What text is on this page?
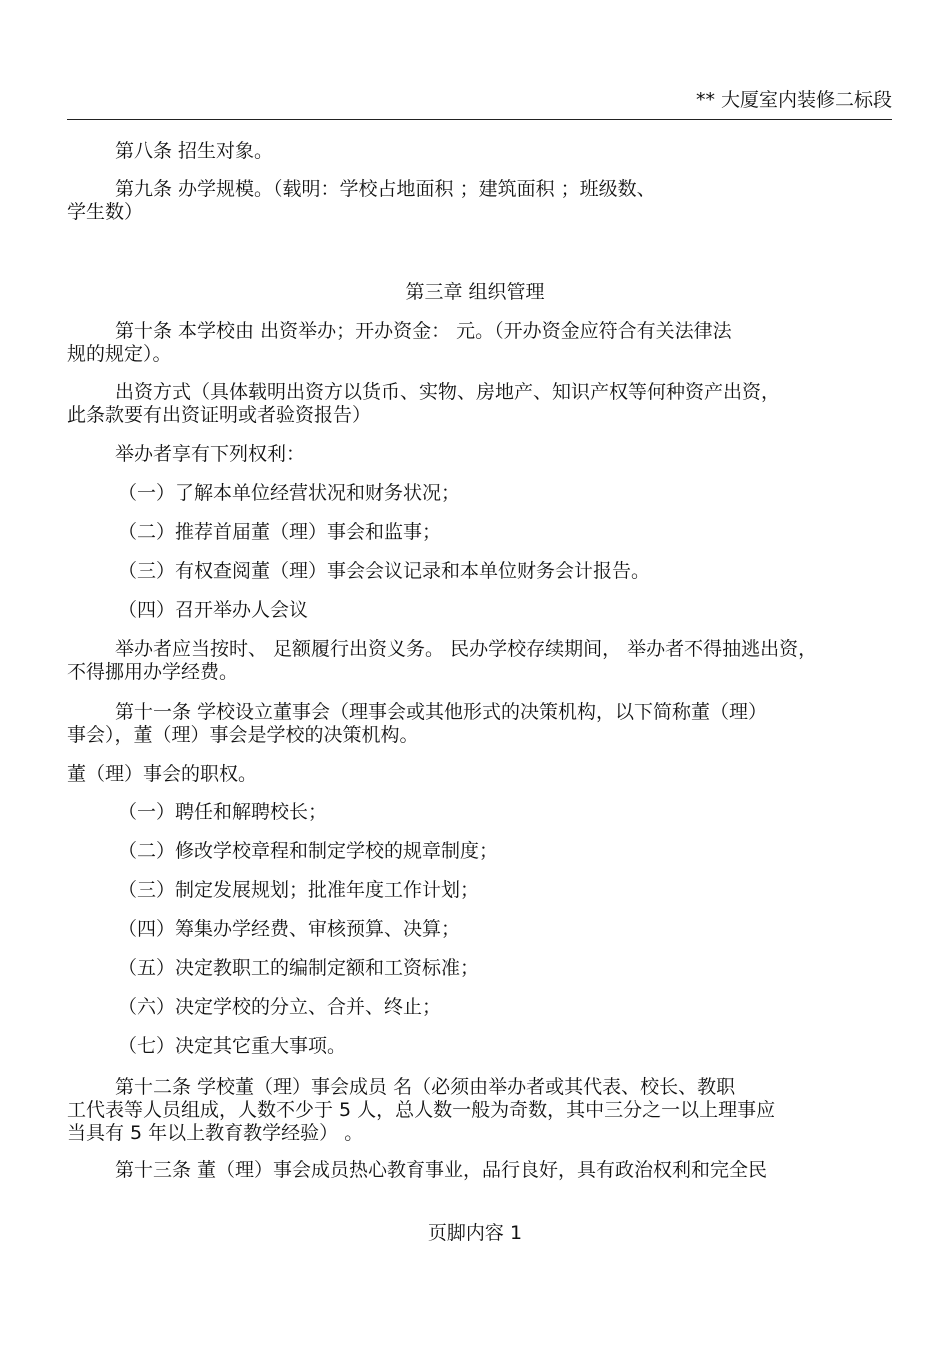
** 大厦室内装修二标段
第八条 招生对象。
第九条 办学规模。（载明：学校占地面积 ；建筑面积 ；班级数、
学生数）
第三章 组织管理
第十条 本学校由 出资举办；开办资金： 元。（开办资金应符合有关法律法
规的规定）。
出资方式（具体载明出资方以货币、实物、房地产、知识产权等何种资产出资，
此条款要有出资证明或者验资报告）
举办者享有下列权利：
（一）了解本单位经营状况和财务状况；
（二）推荐首届董（理）事会和监事；
（三）有权查阅董（理）事会会议记录和本单位财务会计报告。
（四）召开举办人会议
举办者应当按时、 足额履行出资义务。 民办学校存续期间， 举办者不得抽逃出资，
不得挪用办学经费。
第十一条 学校设立董事会（理事会或其他形式的决策机构，以下简称董（理）
事会），董（理）事会是学校的决策机构。
董（理）事会的职权。
（一）聘任和解聘校长；
（二）修改学校章程和制定学校的规章制度；
（三）制定发展规划；批准年度工作计划；
（四）筹集办学经费、审核预算、决算；
（五）决定教职工的编制定额和工资标准；
（六）决定学校的分立、合并、终止；
（七）决定其它重大事项。
第十二条 学校董（理）事会成员 名（必须由举办者或其代表、校长、教职
工代表等人员组成，人数不少于 5 人，总人数一般为奇数，其中三分之一以上理事应
当具有 5 年以上教育教学经验） 。
第十三条 董（理）事会成员热心教育事业，品行良好，具有政治权利和完全民
页脚内容 1
